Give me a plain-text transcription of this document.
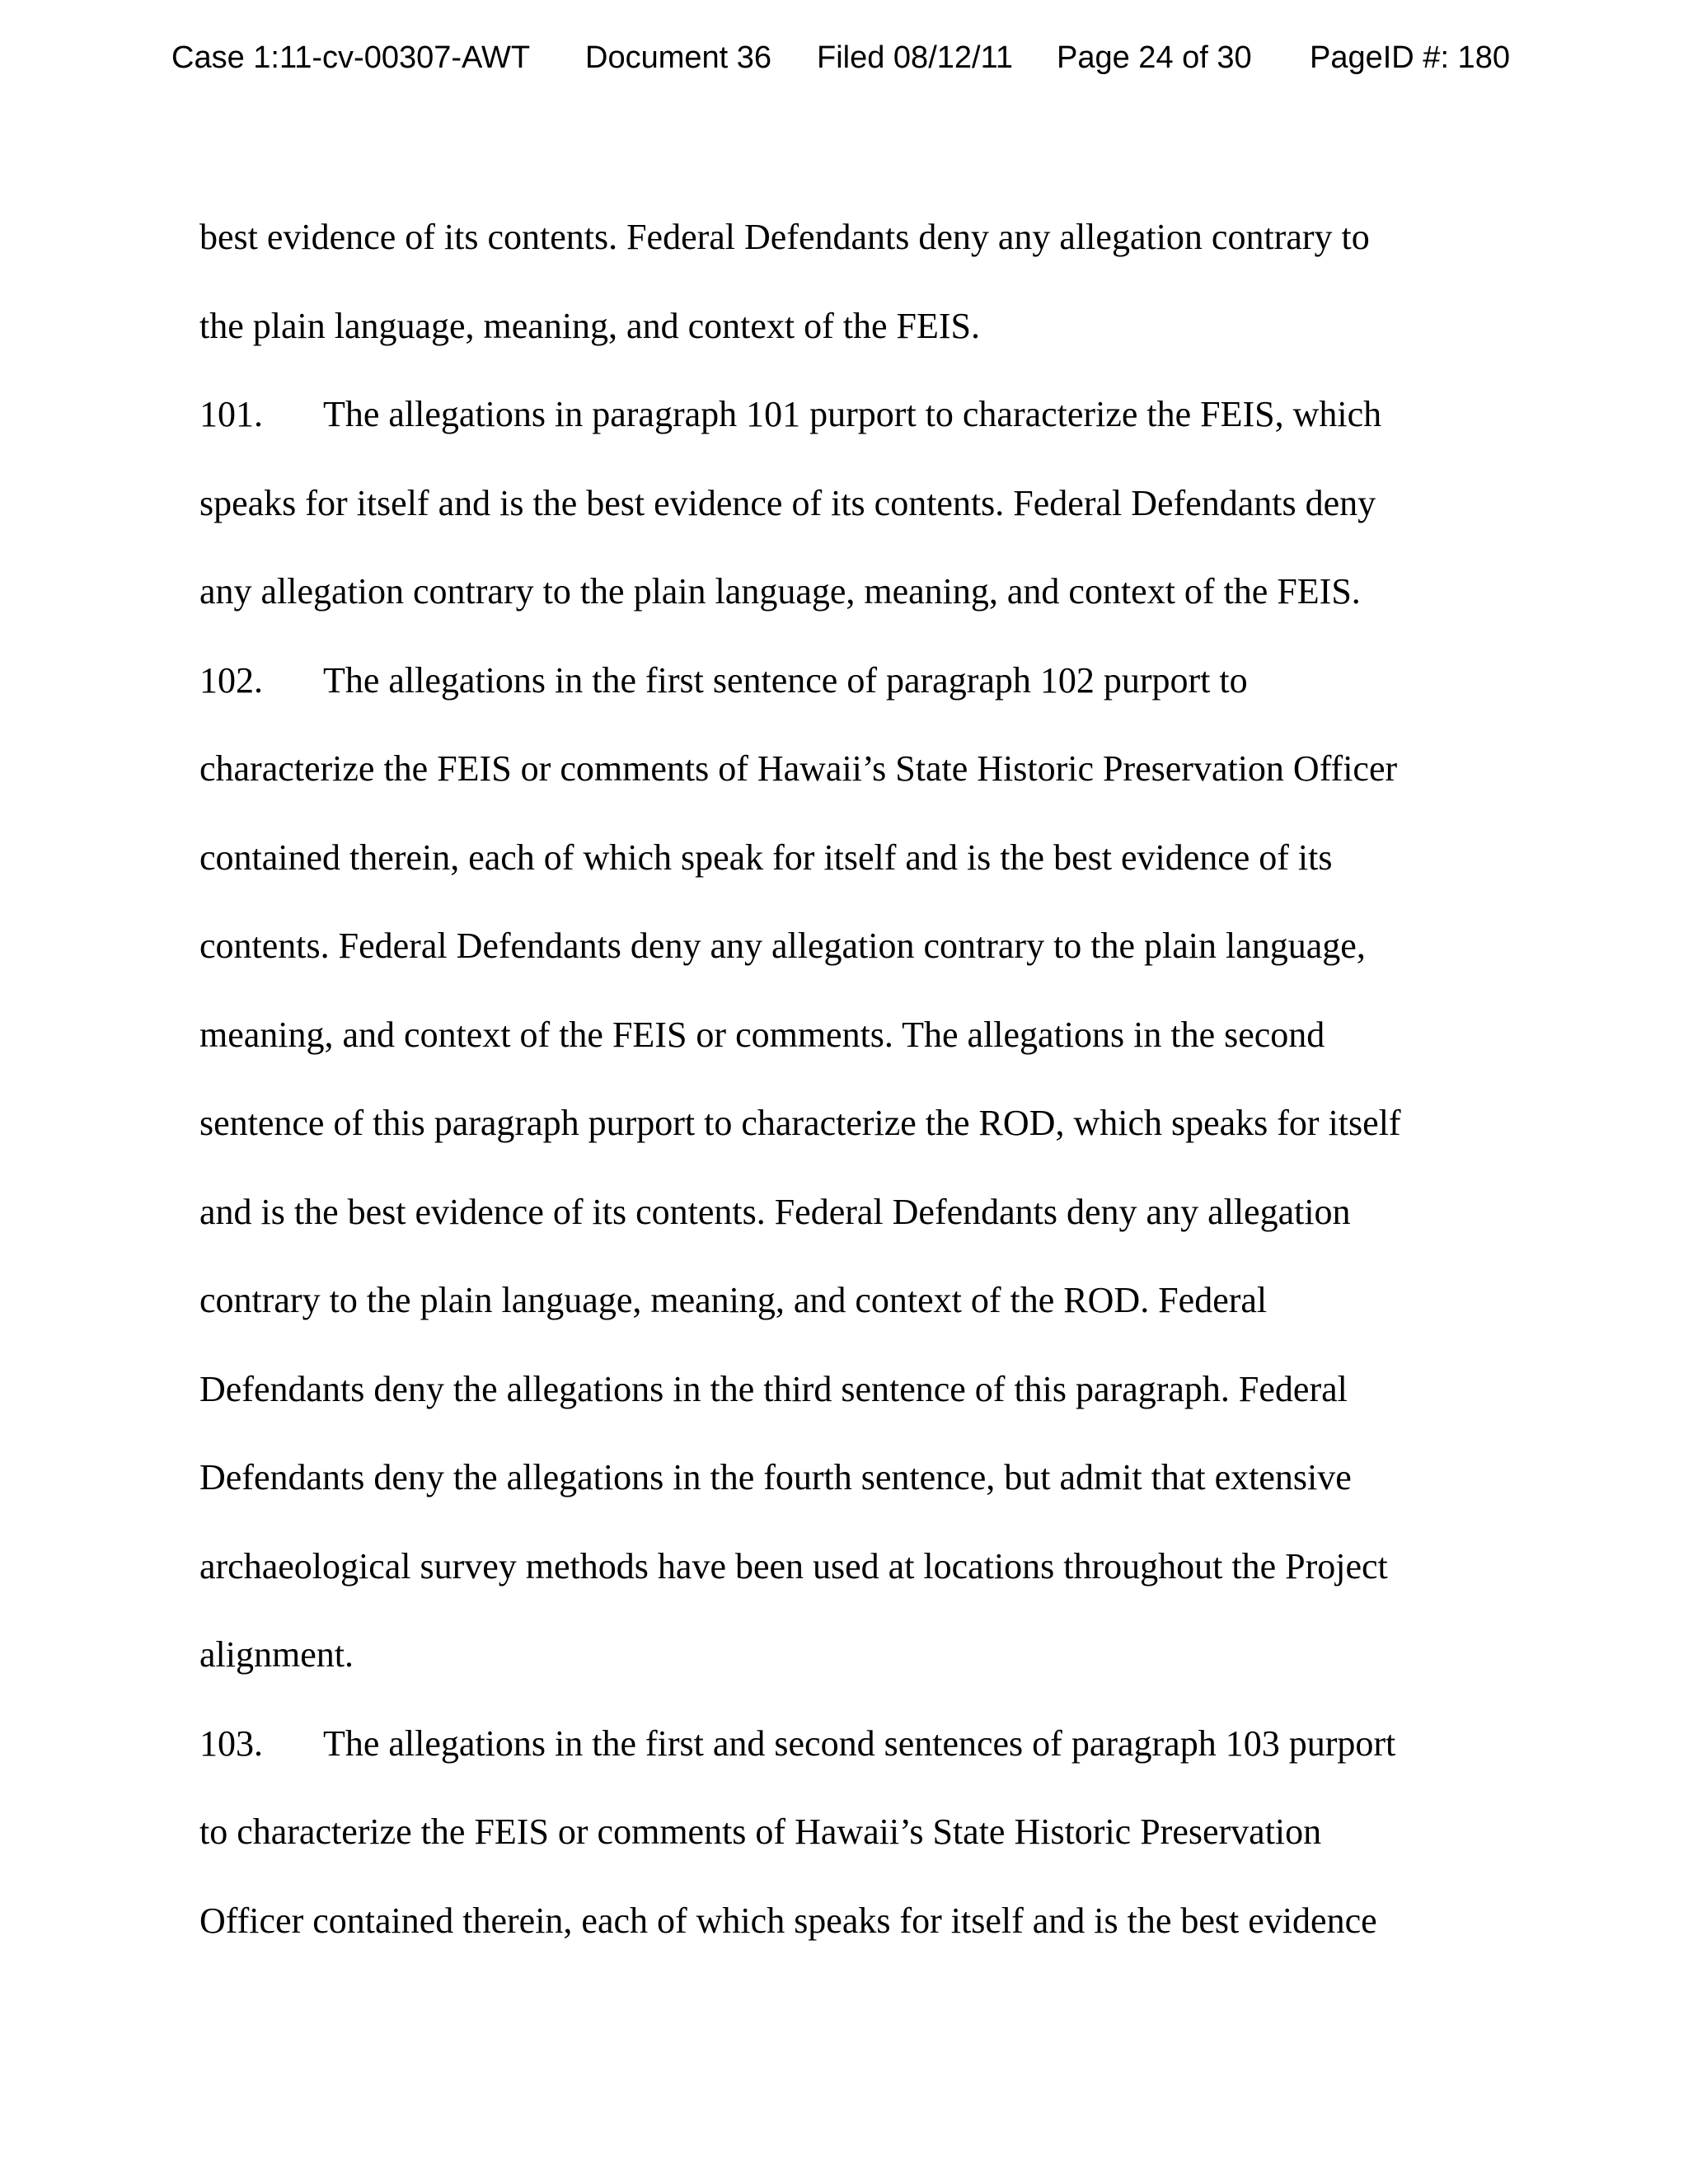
Case 1:11-cv-00307-AWT Document 36 Filed 08/12/11 Page 24 of 30 PageID #: 180
best evidence of its contents. Federal Defendants deny any allegation contrary to
the plain language, meaning, and context of the FEIS.
101. The allegations in paragraph 101 purport to characterize the FEIS, which
speaks for itself and is the best evidence of its contents. Federal Defendants deny
any allegation contrary to the plain language, meaning, and context of the FEIS.
102. The allegations in the first sentence of paragraph 102 purport to
characterize the FEIS or comments of Hawaii’s State Historic Preservation Officer
contained therein, each of which speak for itself and is the best evidence of its
contents. Federal Defendants deny any allegation contrary to the plain language,
meaning, and context of the FEIS or comments. The allegations in the second
sentence of this paragraph purport to characterize the ROD, which speaks for itself
and is the best evidence of its contents. Federal Defendants deny any allegation
contrary to the plain language, meaning, and context of the ROD. Federal
Defendants deny the allegations in the third sentence of this paragraph. Federal
Defendants deny the allegations in the fourth sentence, but admit that extensive
archaeological survey methods have been used at locations throughout the Project
alignment.
103. The allegations in the first and second sentences of paragraph 103 purport
to characterize the FEIS or comments of Hawaii’s State Historic Preservation
Officer contained therein, each of which speaks for itself and is the best evidence
